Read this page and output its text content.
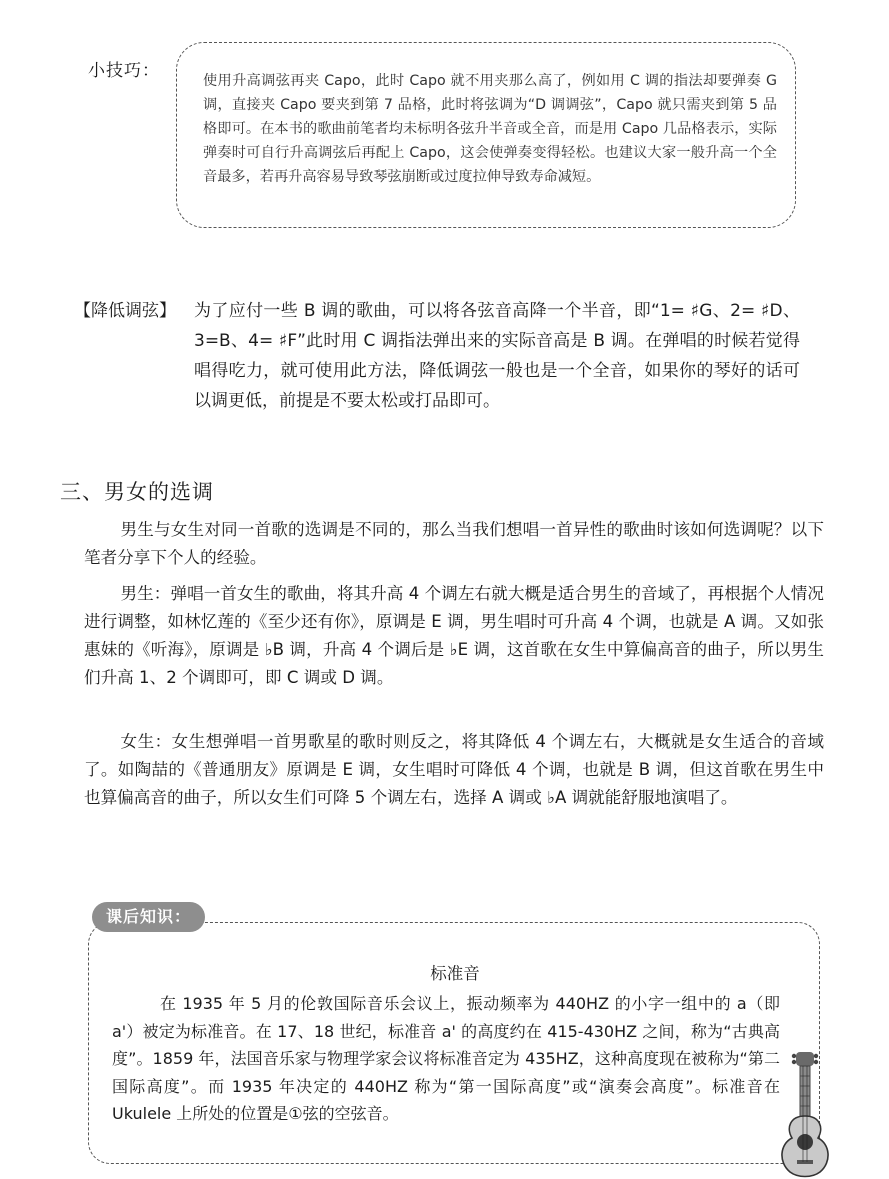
小技巧：	使用升高调弦再夹 Capo，此时 Capo 就不用夹那么高了，例如用 C 调的指法却要弹奏 G 调，直接夹 Capo 要夹到第 7 品格，此时将弦调为“D 调调弦”，Capo 就只需夹到第 5 品格即可。在本书的歌曲前笔者均未标明各弦升半音或全音，而是用 Capo 几品格表示，实际弹奏时可自行升高调弦后再配上 Capo，这会使弹奏变得轻松。也建议大家一般升高一个全音最多，若再升高容易导致琴弦崩断或过度拉伸导致寿命减短。

【降低调弦】 为了应付一些 B 调的歌曲，可以将各弦音高降一个半音，即“1= ♯G、2= ♯D、3=B、4= ♯F”此时用 C 调指法弹出来的实际音高是 B 调。在弹唱的时候若觉得唱得吃力，就可使用此方法，降低调弦一般也是一个全音，如果你的琴好的话可以调更低，前提是不要太松或打品即可。

三、男女的选调

男生与女生对同一首歌的选调是不同的，那么当我们想唱一首异性的歌曲时该如何选调呢？以下笔者分享下个人的经验。

男生：弹唱一首女生的歌曲，将其升高 4 个调左右就大概是适合男生的音域了，再根据个人情况进行调整，如林忆莲的《至少还有你》，原调是 E 调，男生唱时可升高 4 个调，也就是 A 调。又如张惠妹的《听海》，原调是 ♭B 调，升高 4 个调后是 ♭E 调，这首歌在女生中算偏高音的曲子，所以男生们升高 1、2 个调即可，即 C 调或 D 调。

女生：女生想弹唱一首男歌星的歌时则反之，将其降低 4 个调左右，大概就是女生适合的音域了。如陶喆的《普通朋友》原调是 E 调，女生唱时可降低 4 个调，也就是 B 调，但这首歌在男生中也算偏高音的曲子，所以女生们可降 5 个调左右，选择 A 调或 ♭A 调就能舒服地演唱了。

课后知识：
标准音

在 1935 年 5 月的伦敦国际音乐会议上，振动频率为 440HZ 的小字一组中的 a（即 a'）被定为标准音。在 17、18 世纪，标准音 a' 的高度约在 415-430HZ 之间，称为“古典高度”。1859 年，法国音乐家与物理学家会议将标准音定为 435HZ，这种高度现在被称为“第二国际高度”。而 1935 年决定的 440HZ 称为“第一国际高度”或“演奏会高度”。标准音在 Ukulele 上所处的位置是①弦的空弦音。
